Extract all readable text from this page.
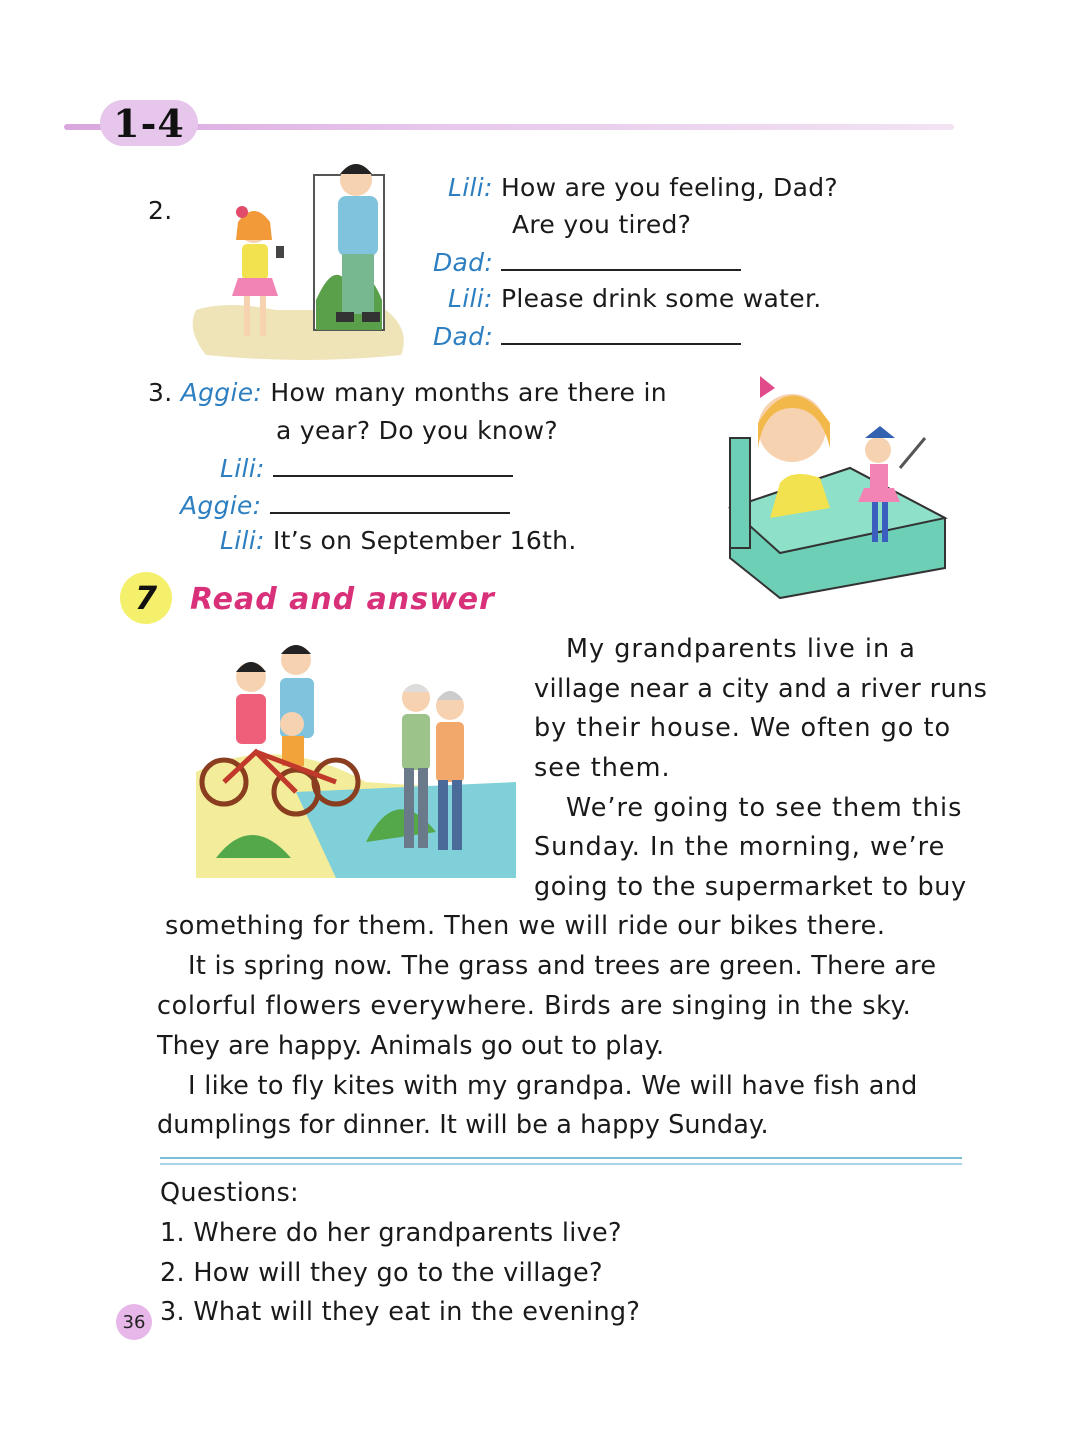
1-4
2.
Lili: How are you feeling, Dad?
Are you tired?
Dad:
Lili: Please drink some water.
Dad:
3. Aggie: How many months are there in
a year? Do you know?
Lili:
Aggie:
Lili: It’s on September 16th.
7	Read and answer
My grandparents live in a
village near a city and a river runs
by their house. We often go to
see them.
We’re going to see them this
Sunday. In the morning, we’re
going to the supermarket to buy
something for them. Then we will ride our bikes there.
It is spring now. The grass and trees are green. There are
colorful flowers everywhere. Birds are singing in the sky.
They are happy. Animals go out to play.
I like to fly kites with my grandpa. We will have fish and
dumplings for dinner. It will be a happy Sunday.
Questions:
1. Where do her grandparents live?
2. How will they go to the village?
3. What will they eat in the evening?
36
